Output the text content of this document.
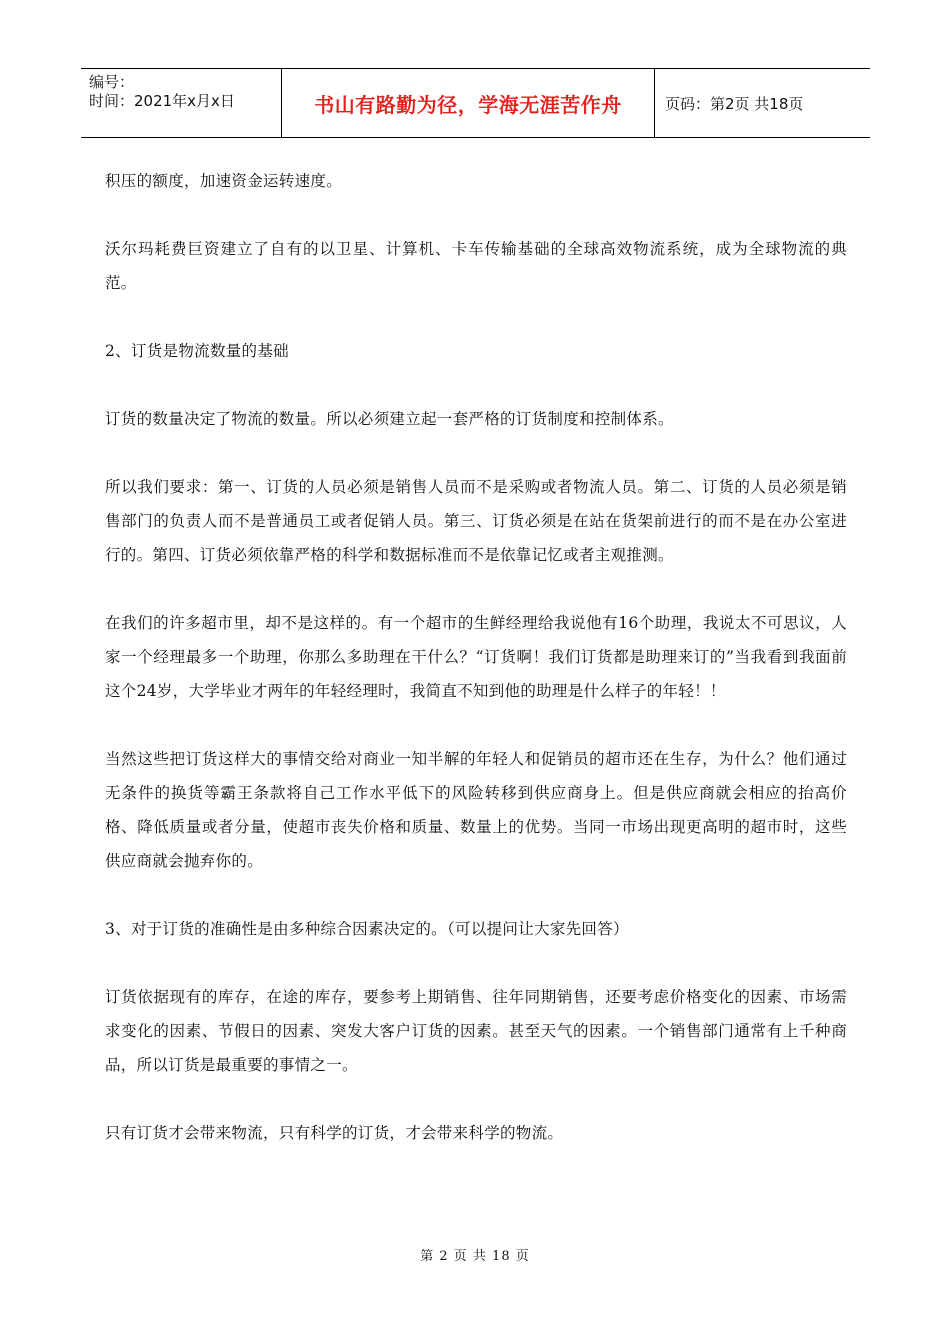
编号：
时间：2021年x月x日	书山有路勤为径，学海无涯苦作舟	页码：第2页 共18页

积压的额度，加速资金运转速度。

沃尔玛耗费巨资建立了自有的以卫星、计算机、卡车传输基础的全球高效物流系统，成为全球物流的典范。

2、订货是物流数量的基础

订货的数量决定了物流的数量。所以必须建立起一套严格的订货制度和控制体系。

所以我们要求：第一、订货的人员必须是销售人员而不是采购或者物流人员。第二、订货的人员必须是销售部门的负责人而不是普通员工或者促销人员。第三、订货必须是在站在货架前进行的而不是在办公室进行的。第四、订货必须依靠严格的科学和数据标准而不是依靠记忆或者主观推测。

在我们的许多超市里，却不是这样的。有一个超市的生鲜经理给我说他有16个助理，我说太不可思议，人家一个经理最多一个助理，你那么多助理在干什么？“订货啊！我们订货都是助理来订的”当我看到我面前这个24岁，大学毕业才两年的年轻经理时，我简直不知到他的助理是什么样子的年轻！！

当然这些把订货这样大的事情交给对商业一知半解的年轻人和促销员的超市还在生存，为什么？他们通过无条件的换货等霸王条款将自己工作水平低下的风险转移到供应商身上。但是供应商就会相应的抬高价格、降低质量或者分量，使超市丧失价格和质量、数量上的优势。当同一市场出现更高明的超市时，这些供应商就会抛弃你的。

3、对于订货的准确性是由多种综合因素决定的。（可以提问让大家先回答）

订货依据现有的库存，在途的库存，要参考上期销售、往年同期销售，还要考虑价格变化的因素、市场需求变化的因素、节假日的因素、突发大客户订货的因素。甚至天气的因素。一个销售部门通常有上千种商品，所以订货是最重要的事情之一。

只有订货才会带来物流，只有科学的订货，才会带来科学的物流。

第 2 页 共 18 页
